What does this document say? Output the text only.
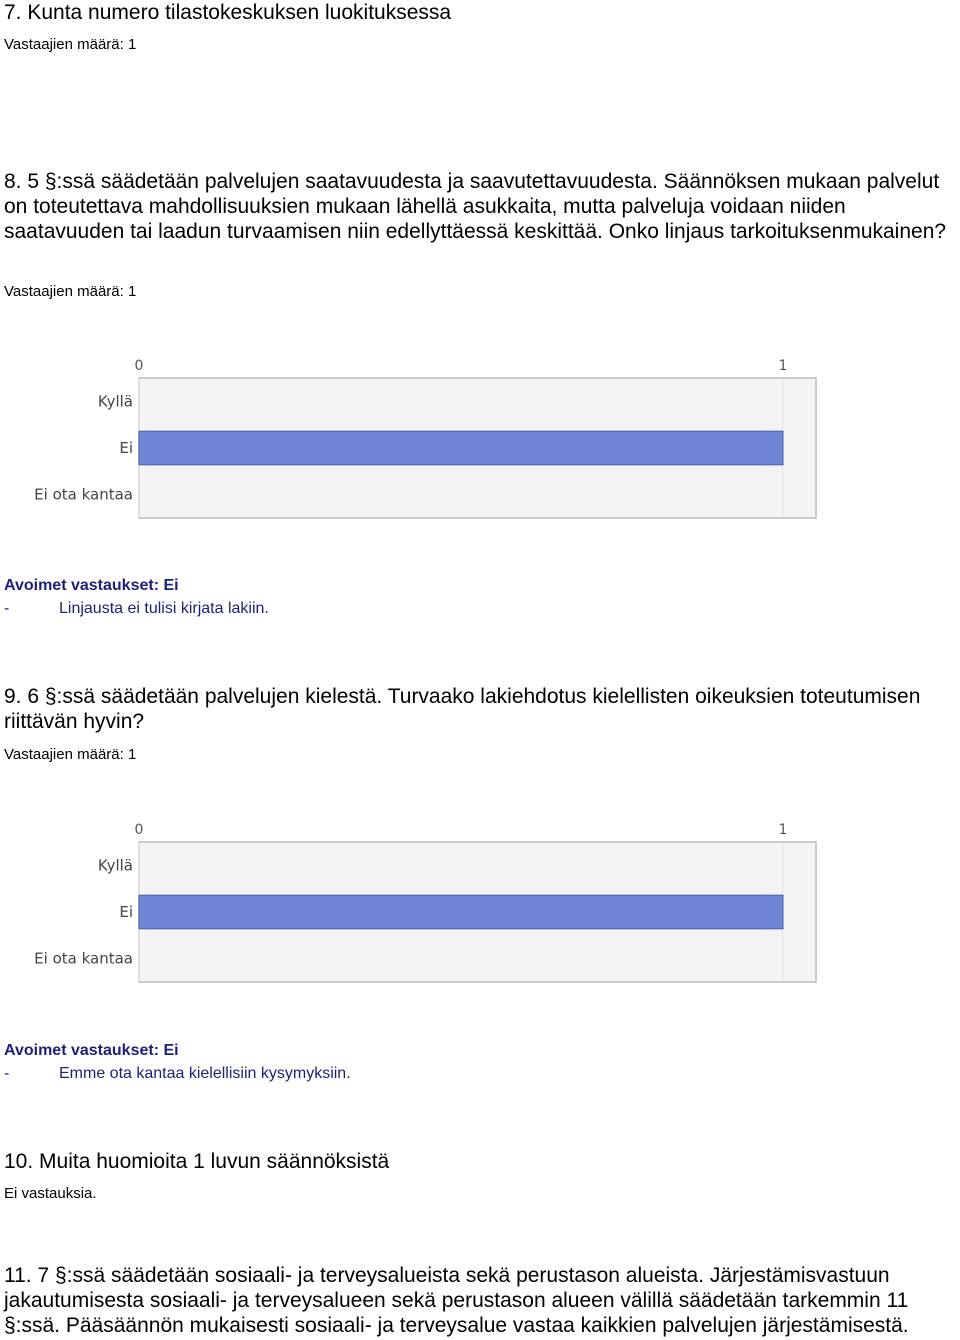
7. Kunta numero tilastokeskuksen luokituksessa
Vastaajien määrä: 1
8. 5 §:ssä säädetään palvelujen saatavuudesta ja saavutettavuudesta. Säännöksen mukaan palvelut on toteutettava mahdollisuuksien mukaan lähellä asukkaita, mutta palveluja voidaan niiden saatavuuden tai laadun turvaamisen niin edellyttäessä keskittää. Onko linjaus tarkoituksenmukainen?
Vastaajien määrä: 1
0	1
Kyllä
Ei
Ei ota kantaa
Avoimet vastaukset: Ei
-	Linjausta ei tulisi kirjata lakiin.
9. 6 §:ssä säädetään palvelujen kielestä. Turvaako lakiehdotus kielellisten oikeuksien toteutumisen riittävän hyvin?
Vastaajien määrä: 1
0	1
Kyllä
Ei
Ei ota kantaa
Avoimet vastaukset: Ei
-	Emme ota kantaa kielellisiin kysymyksiin.
10. Muita huomioita 1 luvun säännöksistä
Ei vastauksia.
11. 7 §:ssä säädetään sosiaali- ja terveysalueista sekä perustason alueista. Järjestämisvastuun jakautumisesta sosiaali- ja terveysalueen sekä perustason alueen välillä säädetään tarkemmin 11 §:ssä. Pääsäännön mukaisesti sosiaali- ja terveysalue vastaa kaikkien palvelujen järjestämisestä.
